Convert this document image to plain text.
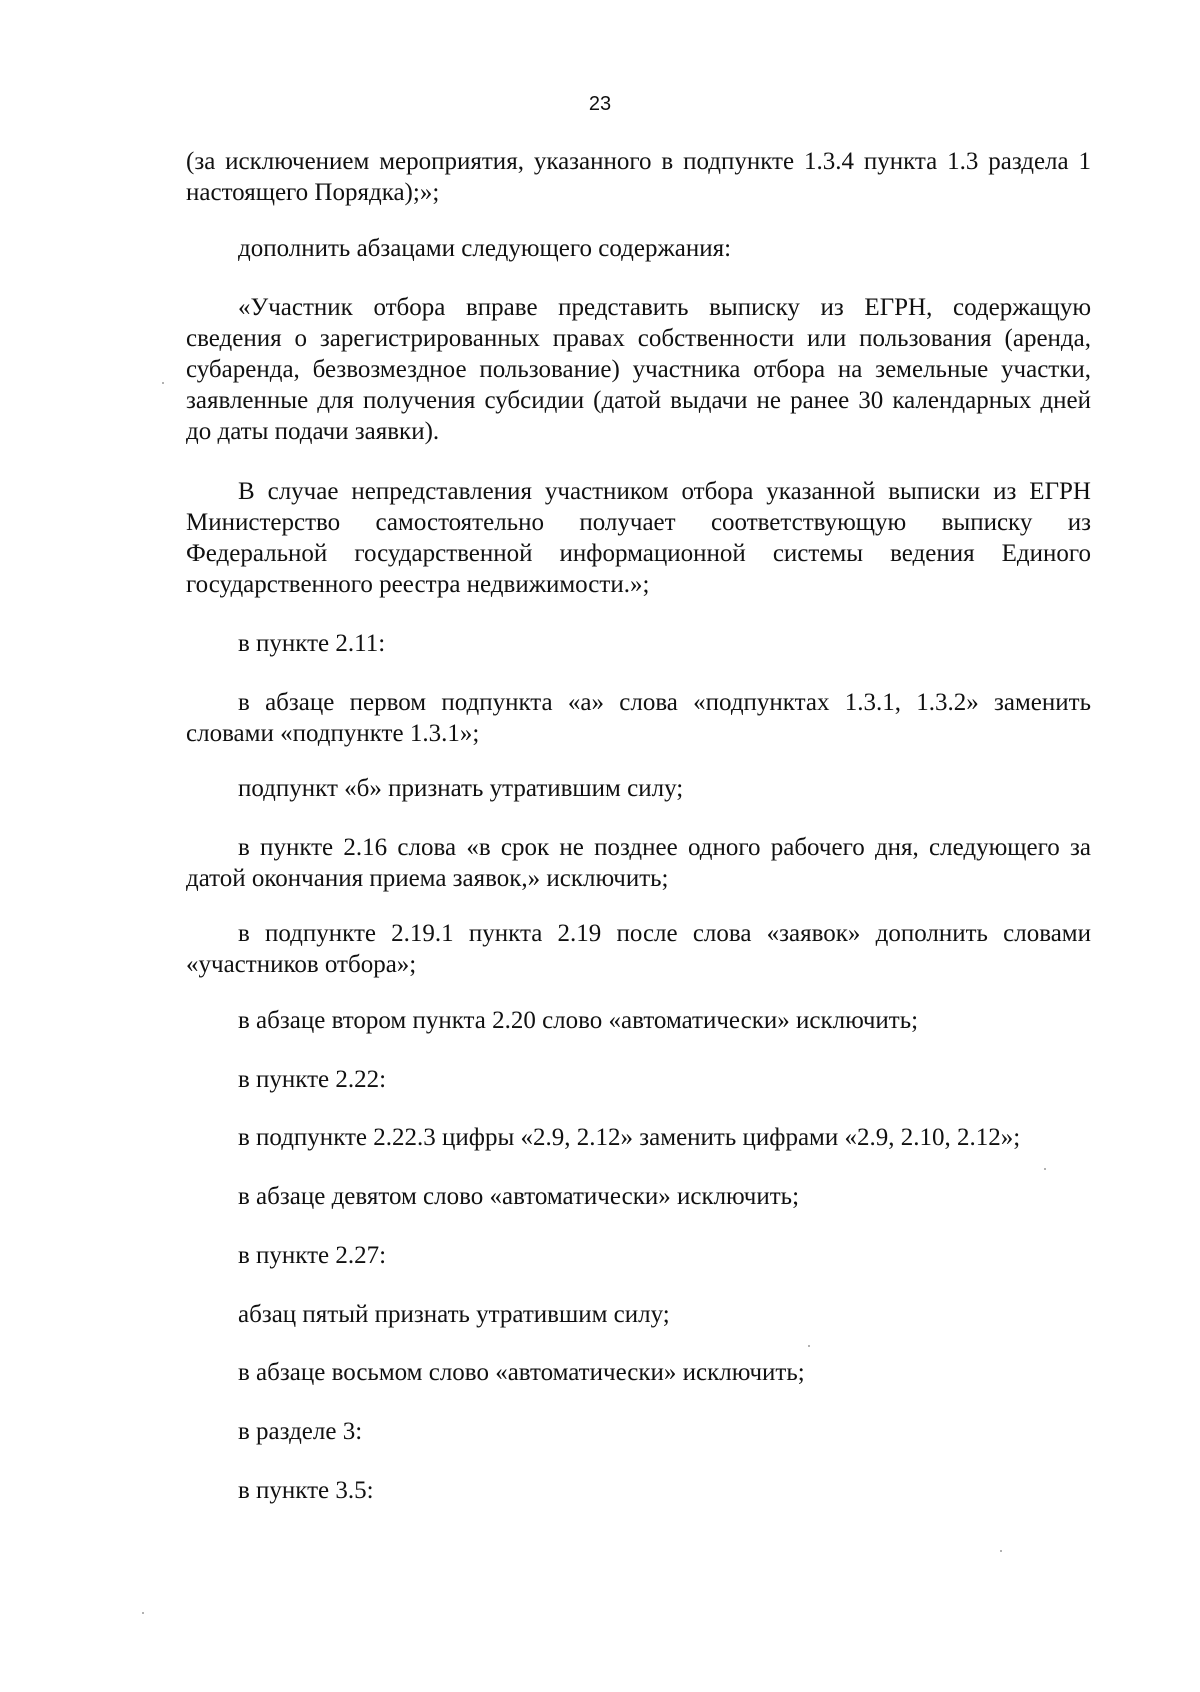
23
(за исключением мероприятия, указанного в подпункте 1.3.4 пункта 1.3 раздела 1 настоящего Порядка);»;
дополнить абзацами следующего содержания:
«Участник отбора вправе представить выписку из ЕГРН, содержащую сведения о зарегистрированных правах собственности или пользования (аренда, субаренда, безвозмездное пользование) участника отбора на земельные участки, заявленные для получения субсидии (датой выдачи не ранее 30 календарных дней до даты подачи заявки).
В случае непредставления участником отбора указанной выписки из ЕГРН Министерство самостоятельно получает соответствующую выписку из Федеральной государственной информационной системы ведения Единого государственного реестра недвижимости.»;
в пункте 2.11:
в абзаце первом подпункта «а» слова «подпунктах 1.3.1, 1.3.2» заменить словами «подпункте 1.3.1»;
подпункт «б» признать утратившим силу;
в пункте 2.16 слова «в срок не позднее одного рабочего дня, следующего за датой окончания приема заявок,» исключить;
в подпункте 2.19.1 пункта 2.19 после слова «заявок» дополнить словами «участников отбора»;
в абзаце втором пункта 2.20 слово «автоматически» исключить;
в пункте 2.22:
в подпункте 2.22.3 цифры «2.9, 2.12» заменить цифрами «2.9, 2.10, 2.12»;
в абзаце девятом слово «автоматически» исключить;
в пункте 2.27:
абзац пятый признать утратившим силу;
в абзаце восьмом слово «автоматически» исключить;
в разделе 3:
в пункте 3.5:
